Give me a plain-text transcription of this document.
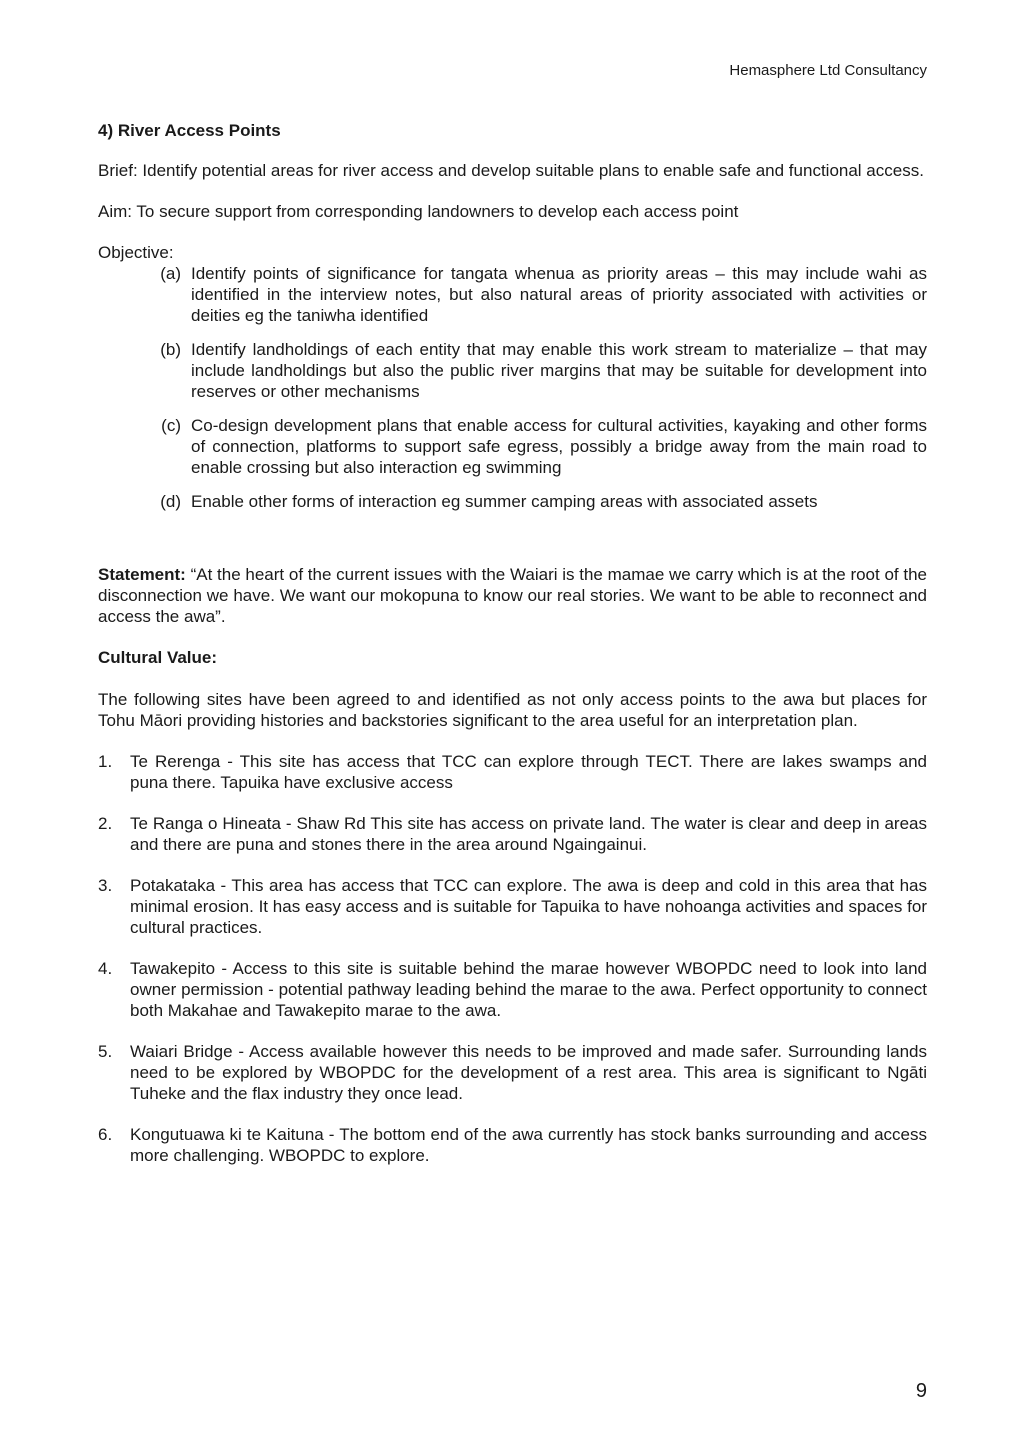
Hemasphere Ltd Consultancy
4) River Access Points

Brief: Identify potential areas for river access and develop suitable plans to enable safe and functional access.

Aim: To secure support from corresponding landowners to develop each access point

Objective:

(a) Identify points of significance for tangata whenua as priority areas – this may include wahi as identified in the interview notes, but also natural areas of priority associated with activities or deities eg the taniwha identified
(b) Identify landholdings of each entity that may enable this work stream to materialize – that may include landholdings but also the public river margins that may be suitable for development into reserves or other mechanisms
(c) Co-design development plans that enable access for cultural activities, kayaking and other forms of connection, platforms to support safe egress, possibly a bridge away from the main road to enable crossing but also interaction eg swimming
(d) Enable other forms of interaction eg summer camping areas with associated assets

Statement: “At the heart of the current issues with the Waiari is the mamae we carry which is at the root of the disconnection we have. We want our mokopuna to know our real stories. We want to be able to reconnect and access the awa”.

Cultural Value:

The following sites have been agreed to and identified as not only access points to the awa but places for Tohu Māori providing histories and backstories significant to the area useful for an interpretation plan.

1.	Te Rerenga - This site has access that TCC can explore through TECT. There are lakes swamps and puna there. Tapuika have exclusive access
2.	Te Ranga o Hineata - Shaw Rd This site has access on private land. The water is clear and deep in areas and there are puna and stones there in the area around Ngaingainui.
3.	Potakataka - This area has access that TCC can explore. The awa is deep and cold in this area that has minimal erosion. It has easy access and is suitable for Tapuika to have nohoanga activities and spaces for cultural practices.
4.	Tawakepito - Access to this site is suitable behind the marae however WBOPDC need to look into land owner permission - potential pathway leading behind the marae to the awa. Perfect opportunity to connect both Makahae and Tawakepito marae to the awa.
5.	Waiari Bridge - Access available however this needs to be improved and made safer. Surrounding lands need to be explored by WBOPDC for the development of a rest area. This area is significant to Ngāti Tuheke and the flax industry they once lead.
6.	Kongutuawa ki te Kaituna - The bottom end of the awa currently has stock banks surrounding and access more challenging. WBOPDC to explore.
9
